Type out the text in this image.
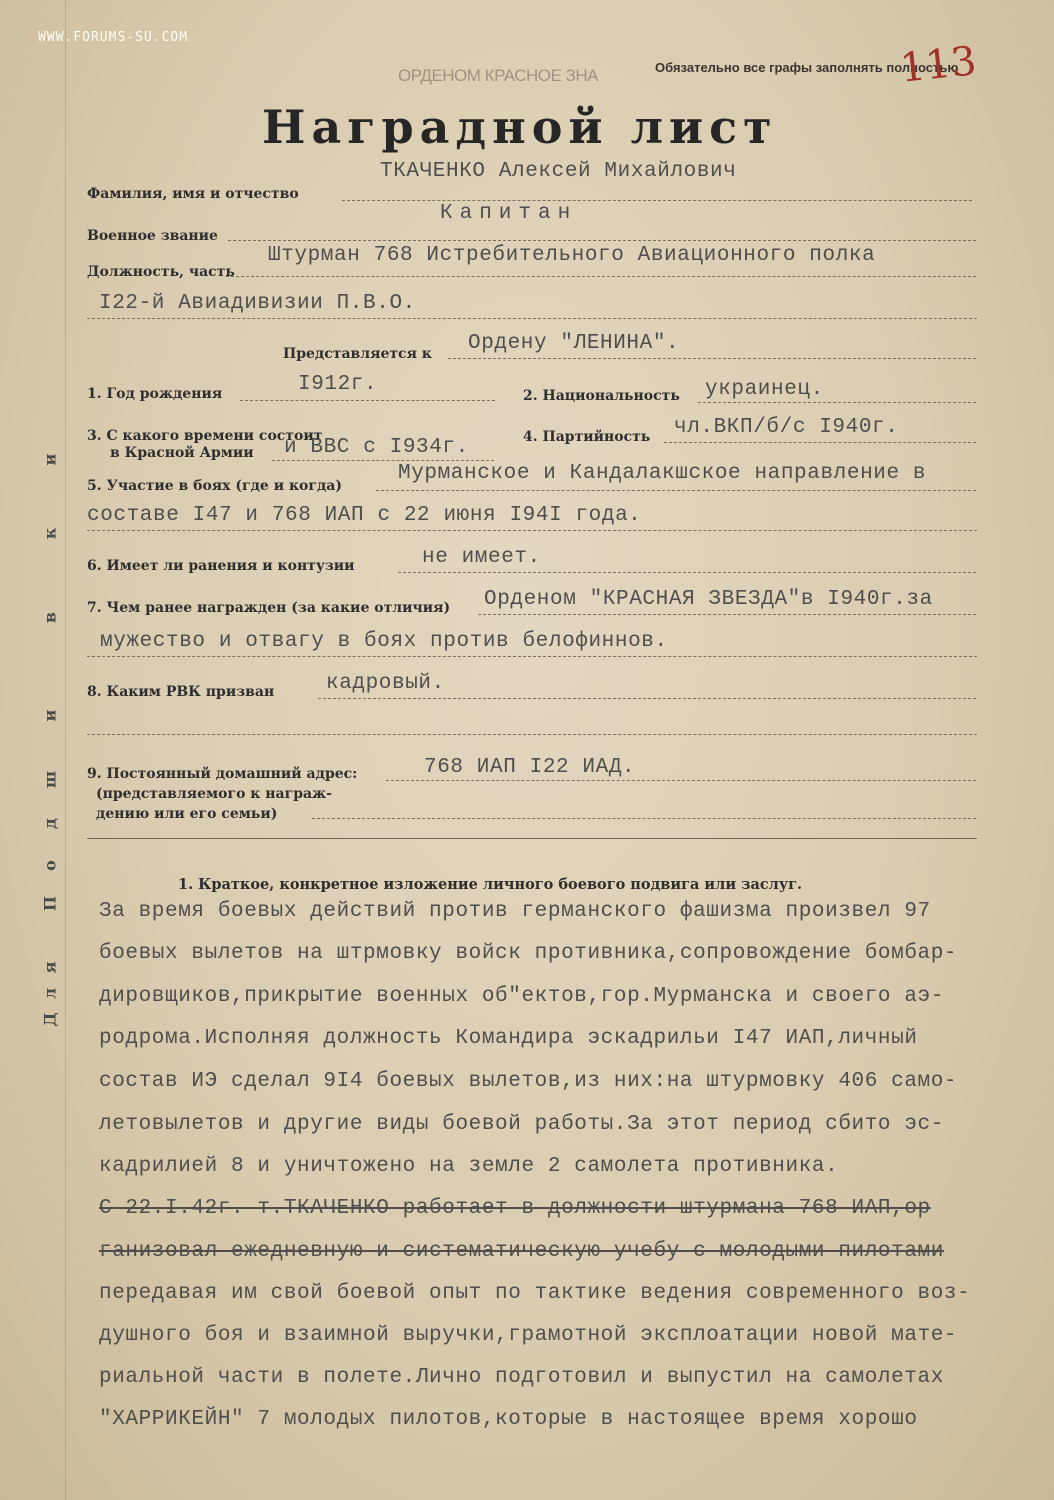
WWW.FORUMS-SU.COM
ОРДЕНОМ КРАСНОЕ ЗНА	Обязательно все графы заполнять полностью
113
Наградной лист
ТКАЧЕНКО Алексей Михайлович
Фамилия, имя и отчество
Капитан
Военное звание
Штурман 768 Истребительного Авиационного полка
Должность, часть
I22-й Авиадивизии П.В.О.
Ордену "ЛЕНИНА".
Представляется к
I912г.
1. Год рождения	украинец.
2. Национальность
3. С какого времени состоит
в Красной Армии и ВВС с I934г.
чл.ВКП/б/с I940г.
4. Партийность
Мурманское и Кандалакшское направление в
5. Участие в боях (где и когда)
составе I47 и 768 ИАП с 22 июня I94I года.
не имеет.
6. Имеет ли ранения и контузии
Орденом "КРАСНАЯ ЗВЕЗДА"в I940г.за
7. Чем ранее награжден (за какие отличия)
мужество и отвагу в боях против белофиннов.
кадровый.
8. Каким РВК призван
768 ИАП I22 ИАД.
9. Постоянный домашний адрес:
(представляемого к награж-
дению или его семьи)
1. Краткое, конкретное изложение личного боевого подвига или заслуг.
За время боевых действий против германского фашизма произвел 97
боевых вылетов на штрмовку войск противника,сопровождение бомбар-
дировщиков,прикрытие военных об"ектов,гор.Мурманска и своего аэ-
родрома.Исполняя должность Командира эскадрильи I47 ИАП,личный
состав ИЭ сделал 9I4 боевых вылетов,из них:на штурмовку 406 само-
летовылетов и другие виды боевой работы.За этот период сбито эс-
кадрилией 8 и уничтожено на земле 2 самолета противника.
С 22.I.42г. т.ТКАЧЕНКО работает в должности штурмана 768 ИАП,ор
ганизовал ежедневную и систематическую учебу с молодыми пилотами
передавая им свой боевой опыт по тактике ведения современного воз-
душного боя и взаимной выручки,грамотной эксплоатации новой мате-
риальной части в полете.Лично подготовил и выпустил на самолетах
"ХАРРИКЕЙН" 7 молодых пилотов,которые в настоящее время хорошо
Д
л
я
П
о
д
ш
и
в
к
и
